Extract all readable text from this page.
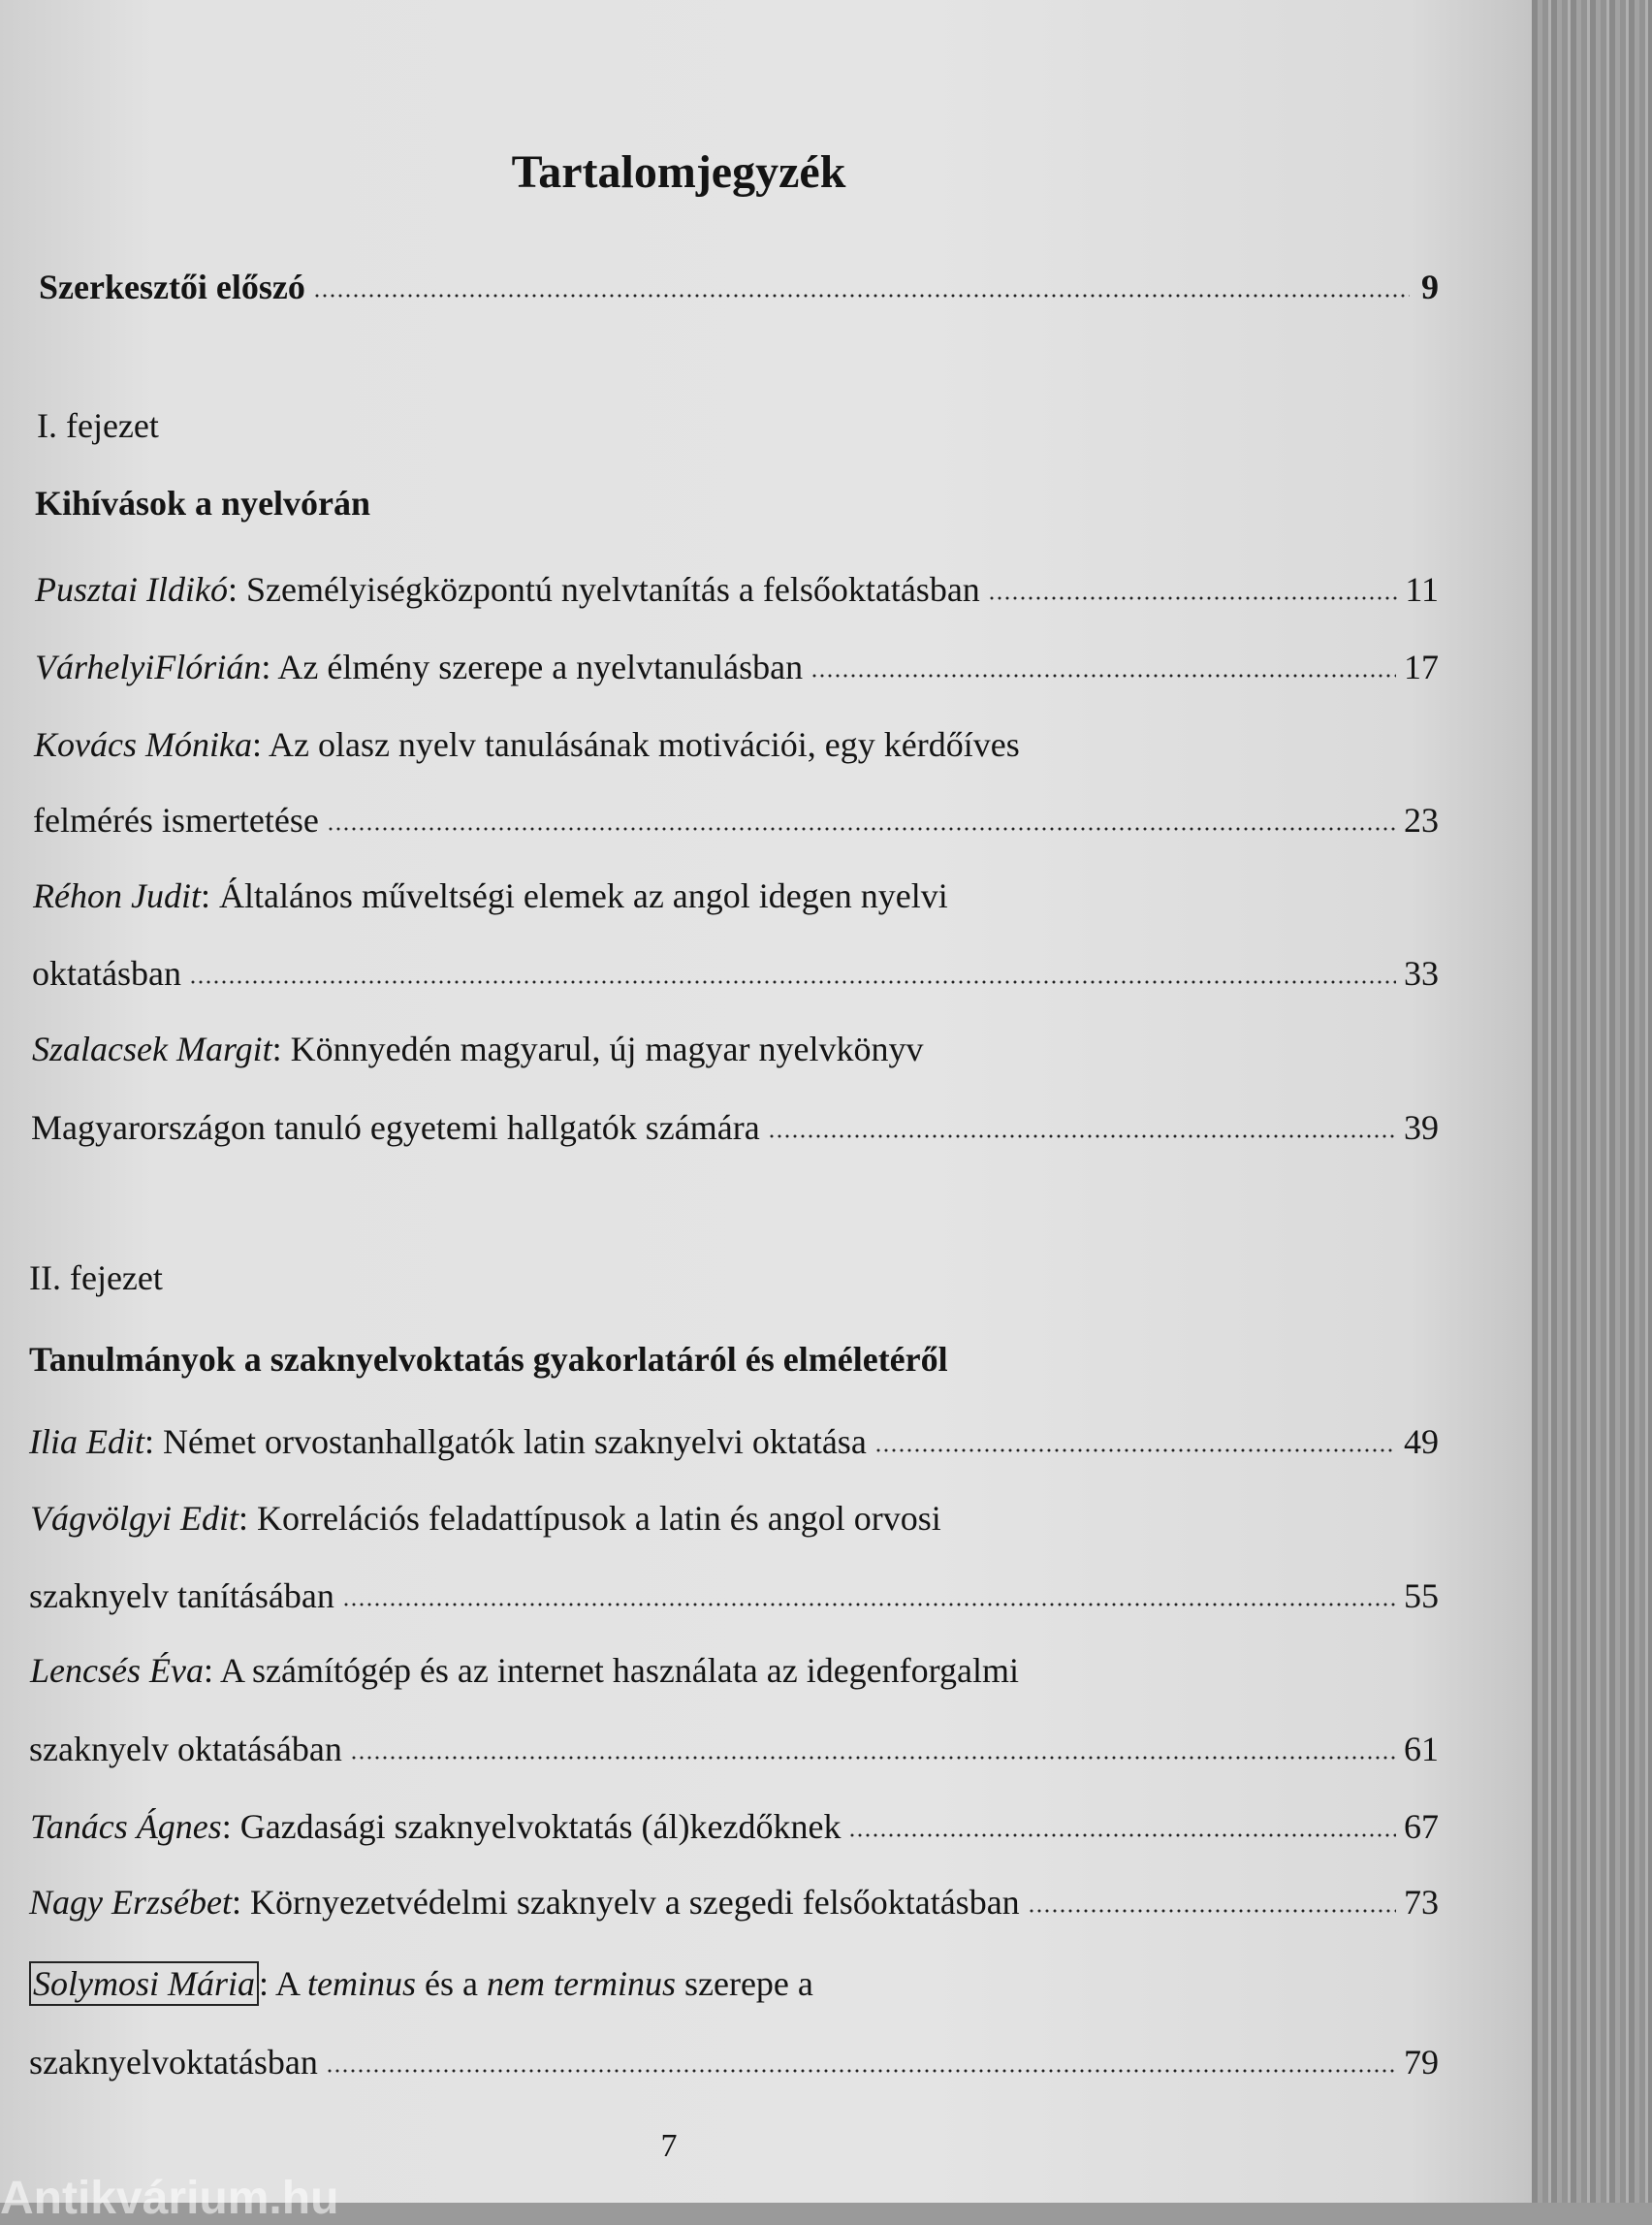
Tartalomjegyzék
Szerkesztői előszó	9
I. fejezet
Kihívások a nyelvórán
Pusztai Ildikó : Személyiségközpontú nyelvtanítás a felsőoktatásban	11
VárhelyiFlórián : Az élmény szerepe a nyelvtanulásban	17
Kovács Mónika : Az olasz nyelv tanulásának motivációi, egy kérdőíves
felmérés ismertetése	23
Réhon Judit : Általános műveltségi elemek az angol idegen nyelvi
oktatásban	33
Szalacsek Margit : Könnyedén magyarul, új magyar nyelvkönyv
Magyarországon tanuló egyetemi hallgatók számára	39
II. fejezet
Tanulmányok a szaknyelvoktatás gyakorlatáról és elméletéről
Ilia Edit : Német orvostanhallgatók latin szaknyelvi oktatása	49
Vágvölgyi Edit : Korrelációs feladattípusok a latin és angol orvosi
szaknyelv tanításában	55
Lencsés Éva : A számítógép és az internet használata az idegenforgalmi
szaknyelv oktatásában	61
Tanács Ágnes : Gazdasági szaknyelvoktatás (ál)kezdőknek	67
Nagy Erzsébet : Környezetvédelmi szaknyelv a szegedi felsőoktatásban	73
Solymosi Mária : A teminus és a nem terminus szerepe a
szaknyelvoktatásban	79
7
Antikvárium.hu
